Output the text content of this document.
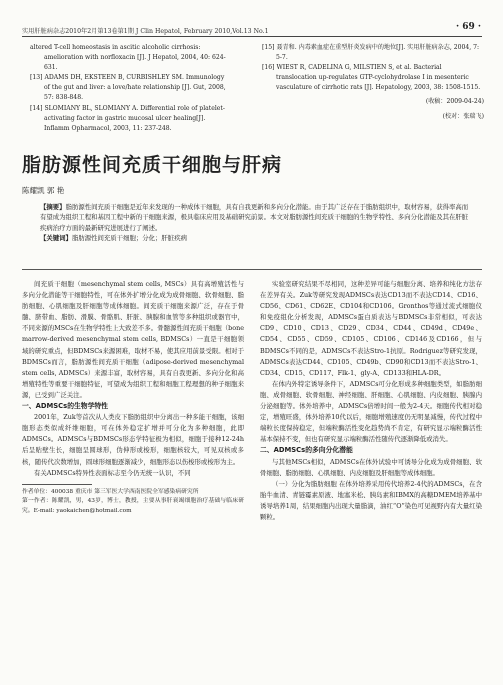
实用肝脏病杂志2010年2月第13卷第1期 J Clin Hepatol, February 2010,Vol.13 No.1	· 69 ·

altered T-cell homeostasis in ascitic alcoholic cirrhosis: amelioration with norfloxacin [J]. J Hepatol, 2004, 40: 624-631.

[13] ADAMS DH, EKSTEEN B, CURBISHLEY SM. Immunology of the gut and liver: a love/hate relationship [J]. Gut, 2008, 57: 838-848.

[14] SLOMIANY BL, SLOMIANY A. Differential role of platelet-activating factor in gastric mucosal ulcer healing[J]. Inflamm Opharmacol, 2003, 11: 237-248.

[15] 聂青和. 内毒素血症在重型肝炎发病中的地位[J]. 实用肝脏病杂志, 2004, 7: 5-7.

[16] WIEST R, CADELINA G, MILSTIEN S, et al. Bacterial translocation up-regulates GTP-cyclohydrolase I in mesenteric vasculature of cirrhotic rats [J]. Hepatology, 2003, 38: 1508-1515.

(收稿：2009-04-24)
(校对：张瑞飞)
脂肪源性间充质干细胞与肝病
陈耀凯 郭 艳
【摘要】脂肪源性间充质干细胞是近年来发现的一种成体干细胞，具有自我更新和多向分化潜能。由于其广泛存在于脂肪组织中，取材容易，获得率高而有望成为组织工程和基因工程中新的干细胞来源，极具临床应用及基础研究前景。本文对脂肪源性间充质干细胞的生物学特性、多向分化潜能及其在肝脏疾病治疗方面的最新研究进展进行了阐述。
【关键词】脂肪源性间充质干细胞；分化；肝脏疾病

间充质干细胞（mesenchymal stem cells, MSCs）具有高增殖活性与多向分化潜能等干细胞特性，可在体外扩增分化成为成骨细胞、软骨细胞、脂肪细胞、心肌细胞及肝细胞等成体细胞。间充质干细胞来源广泛，存在于骨髓、脐带血、脂肪、滑膜、骨骼肌、肝脏、胰腺和血管等多种组织或器官中，不同来源的MSCs在生物学特性上大致差不多。骨髓源性间充质干细胞（bone marrow-derived mesenchymal stem cells, BDMSCs）一直是干细胞领域的研究重点，但BDMSCs来源困难，取材不易，使其应用前景受限。相对于BDMSCs而言，脂肪源性间充质干细胞（adipose-derived mesenchymal stem cells, ADMSCs）来源丰富，取材容易，具有自我更新、多向分化和高增殖特性等重要干细胞特征，可望成为组织工程和细胞工程理想的种子细胞来源，已受到广泛关注。

一、ADMSCs的生物学特性

2001年，Zuk等首次从人类皮下脂肪组织中分离出一种多能干细胞，该细胞形态类似成纤维细胞，可在体外稳定扩增并可分化为多种细胞，此即ADMSCs。ADMSCs与BDMSCs形态学特征极为相似，细胞于接种12-24h后呈贴壁生长，细胞呈圆球形，伪伸形或梭形，细胞核较大，可见双核或多核，随传代次数增加，圆球形细胞逐渐减少，细胞形态以伤梭形或梭形为主。

有关ADMSCs特异性表面标志至今仍无统一认识，不同

作者单位：400038 重庆市 第三军医大学西南医院全军感染病研究所

第一作者：陈耀凯，男，43岁，博士，教授，主要从事肝衰竭细胞治疗基础与临床研究。E-mail: yaokaichen@hotmail.com

实验室研究结果不尽相同，这种差异可能与细胞分离、培养和纯化方法存在差异有关。Zuk等研究发现ADMSCs表达CD13而不表达CD14、CD16、CD56、CD61、CD62E、CD104和CD106。Gronthos等通过流式细胞仪和免疫组化分析发现，ADMSCs蛋白质表达与BDMSCs非常相似，可表达CD9、CD10、CD13、CD29、CD34、CD44、CD49d、CD49e、CD54、CD55、CD59、CD105、CD106、CD146及CD166，但与BDMSCs不同的是，ADMSCs不表达Stro-1抗原。Rodriguez等研究发现，ADMSCs表达CD44、CD105、CD49b、CD90和CD13而不表达Stro-1、CD34、CD15、CD117、Flk-1、gly-A、CD133和HLA-DR。

在体内外特定诱导条件下，ADMSCs可分化形成多种细胞类型，如脂肪细胞、成骨细胞、软骨细胞、神经细胞、肝细胞、心肌细胞、内皮细胞、胰腺内分泌细胞等。体外培养中，ADMSCs倍增时间一般为2-4天。细胞传代相对稳定，增殖旺盛，体外培养10代以后，细胞增殖速度仍无明显减慢，传代过程中端粒长度保持稳定，但端粒酶活性变化趋势尚不肯定，有研究显示端粒酶活性基本保持不变，但也有研究显示端粒酶活性随传代逐渐降低或消失。

二、ADMSCs的多向分化潜能

与其他MSCs相似，ADMSCs在体外试验中可诱导分化成为成骨细胞、软骨细胞、脂肪细胞、心肌细胞、内皮细胞及肝细胞等成体细胞。

（一）分化为脂肪细胞 在体外培养采用传代培养2-4代的ADMSCs，在含胎牛血清、青链霉素原液、地塞米松、胰岛素和IBMX的高糖DMEM培养基中诱导培养1周，结果细胞内出现大量脂滴，油红“O”染色可见视野内有大量红染颗粒。
